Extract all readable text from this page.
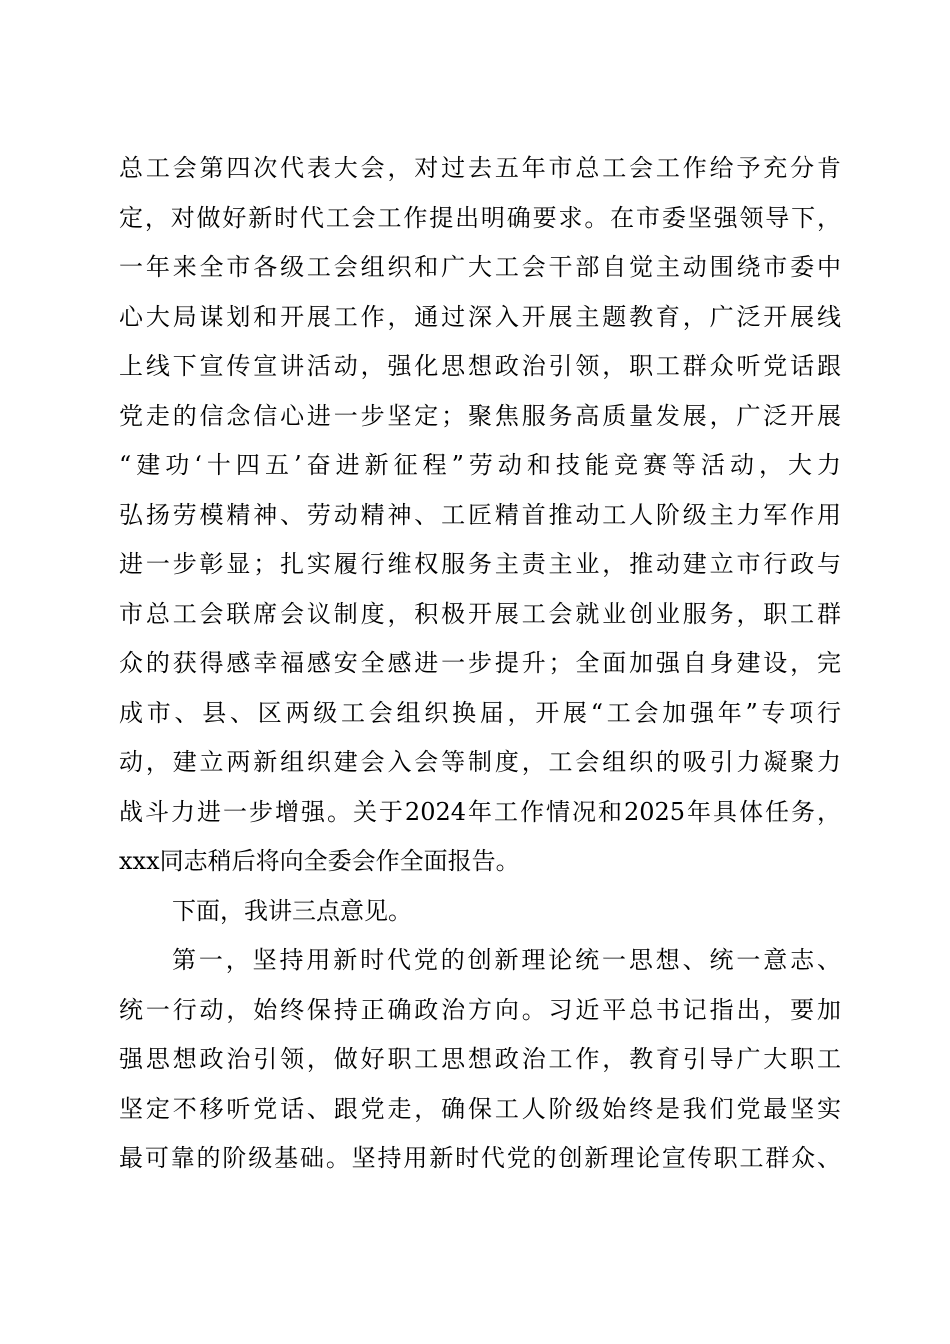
总工会第四次代表大会，对过去五年市总工会工作给予充分肯
定，对做好新时代工会工作提出明确要求。在市委坚强领导下，
一年来全市各级工会组织和广大工会干部自觉主动围绕市委中
心大局谋划和开展工作，通过深入开展主题教育，广泛开展线
上线下宣传宣讲活动，强化思想政治引领，职工群众听党话跟
党走的信念信心进一步坚定；聚焦服务高质量发展，广泛开展
“建功‘十四五’奋进新征程”劳动和技能竞赛等活动，大力
弘扬劳模精神、劳动精神、工匠精首推动工人阶级主力军作用
进一步彰显；扎实履行维权服务主责主业，推动建立市行政与
市总工会联席会议制度，积极开展工会就业创业服务，职工群
众的获得感幸福感安全感进一步提升；全面加强自身建设，完
成市、县、区两级工会组织换届，开展“工会加强年”专项行
动，建立两新组织建会入会等制度，工会组织的吸引力凝聚力
战斗力进一步增强。关于2024年工作情况和2025年具体任务，
xxx同志稍后将向全委会作全面报告。
下面，我讲三点意见。
第一，坚持用新时代党的创新理论统一思想、统一意志、
统一行动，始终保持正确政治方向。习近平总书记指出，要加
强思想政治引领，做好职工思想政治工作，教育引导广大职工
坚定不移听党话、跟党走，确保工人阶级始终是我们党最坚实
最可靠的阶级基础。坚持用新时代党的创新理论宣传职工群众、
